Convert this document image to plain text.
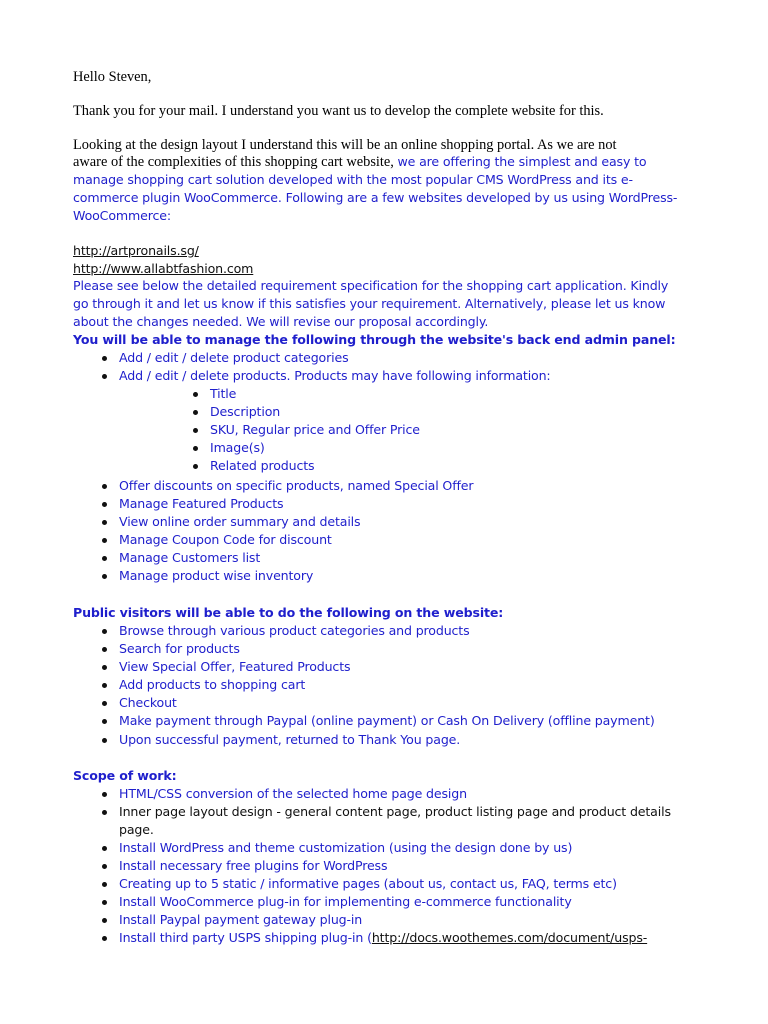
Hello Steven,
Thank you for your mail. I understand you want us to develop the complete website for this.
Looking at the design layout I understand this will be an online shopping portal. As we are not
aware of the complexities of this shopping cart website, we are offering the simplest and easy to
manage shopping cart solution developed with the most popular CMS WordPress and its e-
commerce plugin WooCommerce. Following are a few websites developed by us using WordPress-
WooCommerce:
http://artpronails.sg/
http://www.allabtfashion.com
Please see below the detailed requirement specification for the shopping cart application. Kindly
go through it and let us know if this satisfies your requirement. Alternatively, please let us know
about the changes needed. We will revise our proposal accordingly.
You will be able to manage the following through the website's back end admin panel:
Add / edit / delete product categories
Add / edit / delete products. Products may have following information:
Title
Description
SKU, Regular price and Offer Price
Image(s)
Related products
Offer discounts on specific products, named Special Offer
Manage Featured Products
View online order summary and details
Manage Coupon Code for discount
Manage Customers list
Manage product wise inventory
Public visitors will be able to do the following on the website:
Browse through various product categories and products
Search for products
View Special Offer, Featured Products
Add products to shopping cart
Checkout
Make payment through Paypal (online payment) or Cash On Delivery (offline payment)
Upon successful payment, returned to Thank You page.
Scope of work:
HTML/CSS conversion of the selected home page design
Inner page layout design - general content page, product listing page and product details
page.
Install WordPress and theme customization (using the design done by us)
Install necessary free plugins for WordPress
Creating up to 5 static / informative pages (about us, contact us, FAQ, terms etc)
Install WooCommerce plug-in for implementing e-commerce functionality
Install Paypal payment gateway plug-in
Install third party USPS shipping plug-in (http://docs.woothemes.com/document/usps-
